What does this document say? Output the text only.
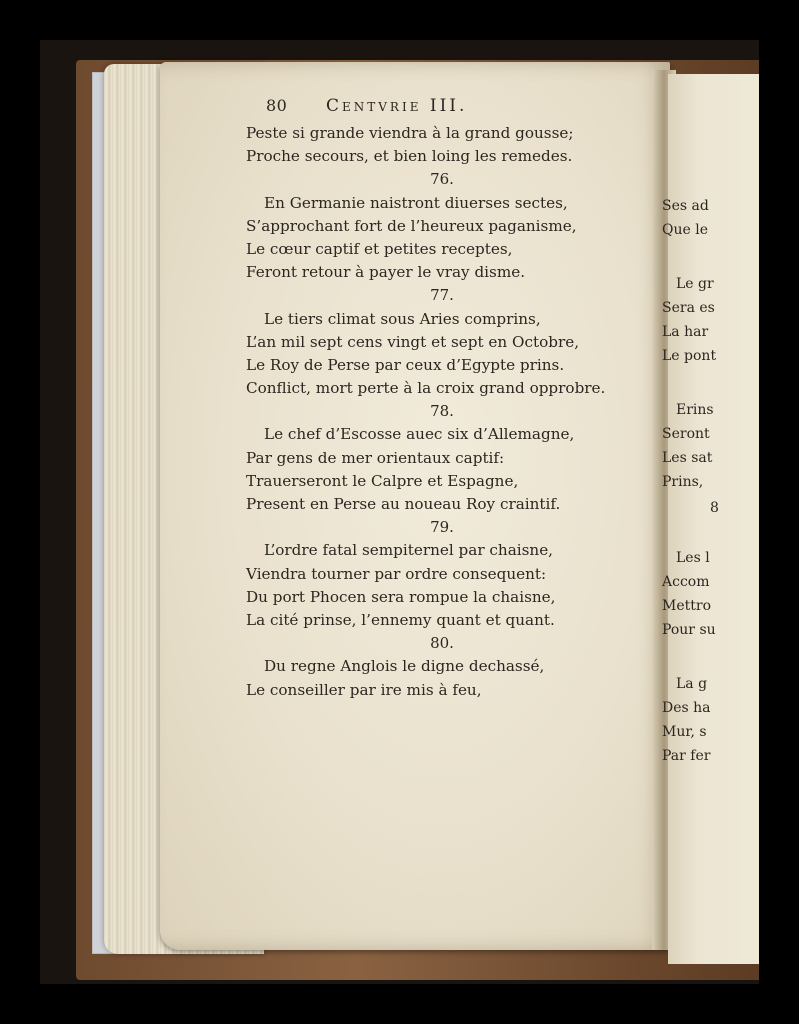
80	Centvrie III.
Peste si grande viendra à la grand gousse;
Proche secours, et bien loing les remedes.
76.
En Germanie naistront diuerses sectes,
S’approchant fort de l’heureux paganisme,
Le cœur captif et petites receptes,
Feront retour à payer le vray disme.
77.
Le tiers climat sous Aries comprins,
L’an mil sept cens vingt et sept en Octobre,
Le Roy de Perse par ceux d’Egypte prins.
Conflict, mort perte à la croix grand opprobre.
78.
Le chef d’Escosse auec six d’Allemagne,
Par gens de mer orientaux captif:
Trauerseront le Calpre et Espagne,
Present en Perse au noueau Roy craintif.
79.
L’ordre fatal sempiternel par chaisne,
Viendra tourner par ordre consequent:
Du port Phocen sera rompue la chaisne,
La cité prinse, l’ennemy quant et quant.
80.
Du regne Anglois le digne dechassé,
Le conseiller par ire mis à feu,
Ses ad
Que le
Le gr
Sera es
La har
Le pont
Erins
Seront
Les sat
Prins,
8
Les l
Accom
Mettro
Pour su
La g
Des ha
Mur, s
Par fer
